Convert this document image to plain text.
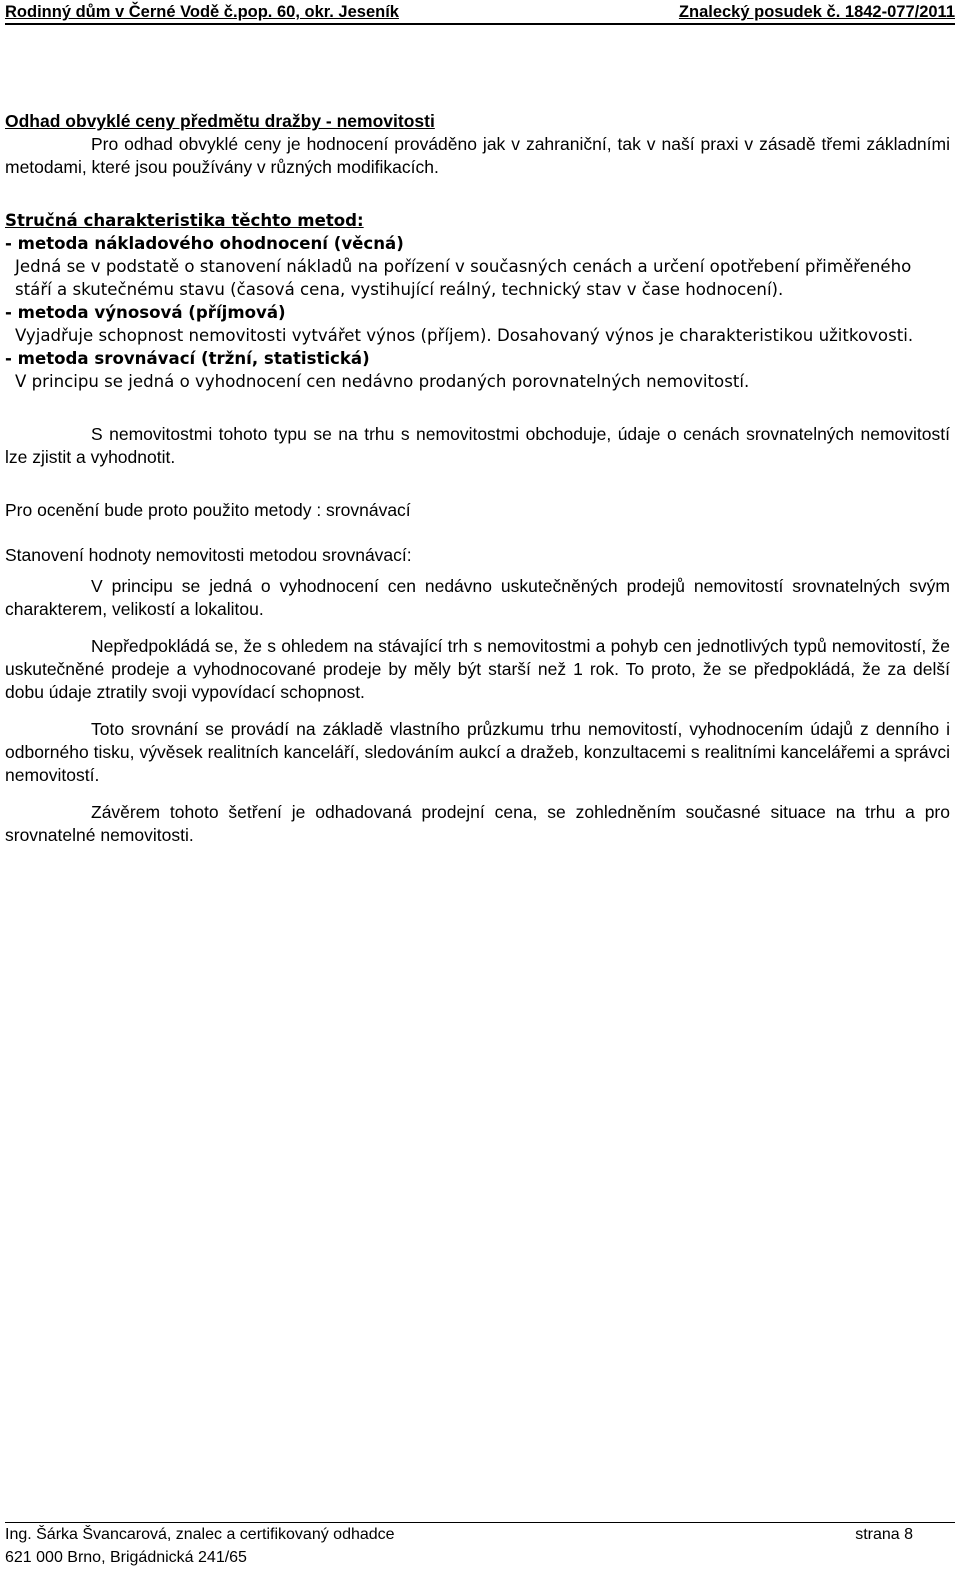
Rodinný dům v Černé Vodě č.pop. 60, okr. Jeseník	Znalecký posudek č. 1842-077/2011

Odhad obvyklé ceny předmětu dražby - nemovitosti

Pro odhad obvyklé ceny je hodnocení prováděno jak v zahraniční, tak v naší praxi v zásadě třemi základními metodami, které jsou používány v různých modifikacích.

Stručná charakteristika těchto metod:

- metoda nákladového ohodnocení (věcná)

Jedná se v podstatě o stanovení nákladů na pořízení v současných cenách a určení opotřebení přiměřeného stáří a skutečnému stavu (časová cena, vystihující reálný, technický stav v čase hodnocení).

- metoda výnosová (příjmová)

Vyjadřuje schopnost nemovitosti vytvářet výnos (příjem). Dosahovaný výnos je charakteristikou užitkovosti.

- metoda srovnávací (tržní, statistická)

V principu se jedná o vyhodnocení cen nedávno prodaných porovnatelných nemovitostí.

S nemovitostmi tohoto typu se na trhu s nemovitostmi obchoduje, údaje o cenách srovnatelných nemovitostí lze zjistit a vyhodnotit.

Pro ocenění bude proto použito metody : srovnávací

Stanovení hodnoty nemovitosti metodou srovnávací:

V principu se jedná o vyhodnocení cen nedávno uskutečněných prodejů nemovitostí srovnatelných svým charakterem, velikostí a lokalitou.

Nepředpokládá se, že s ohledem na stávající trh s nemovitostmi a pohyb cen jednotlivých typů nemovitostí, že uskutečněné prodeje a vyhodnocované prodeje by měly být starší než 1 rok. To proto, že se předpokládá, že za delší dobu údaje ztratily svoji vypovídací schopnost.

Toto srovnání se provádí na základě vlastního průzkumu trhu nemovitostí, vyhodnocením údajů z denního i odborného tisku, vývěsek realitních kanceláří, sledováním aukcí a dražeb, konzultacemi s realitními kancelářemi a správci nemovitostí.

Závěrem tohoto šetření je odhadovaná prodejní cena, se zohledněním současné situace na trhu a pro srovnatelné nemovitosti.

Ing. Šárka Švancarová, znalec a certifikovaný odhadce	strana 8
621 000 Brno, Brigádnická 241/65
